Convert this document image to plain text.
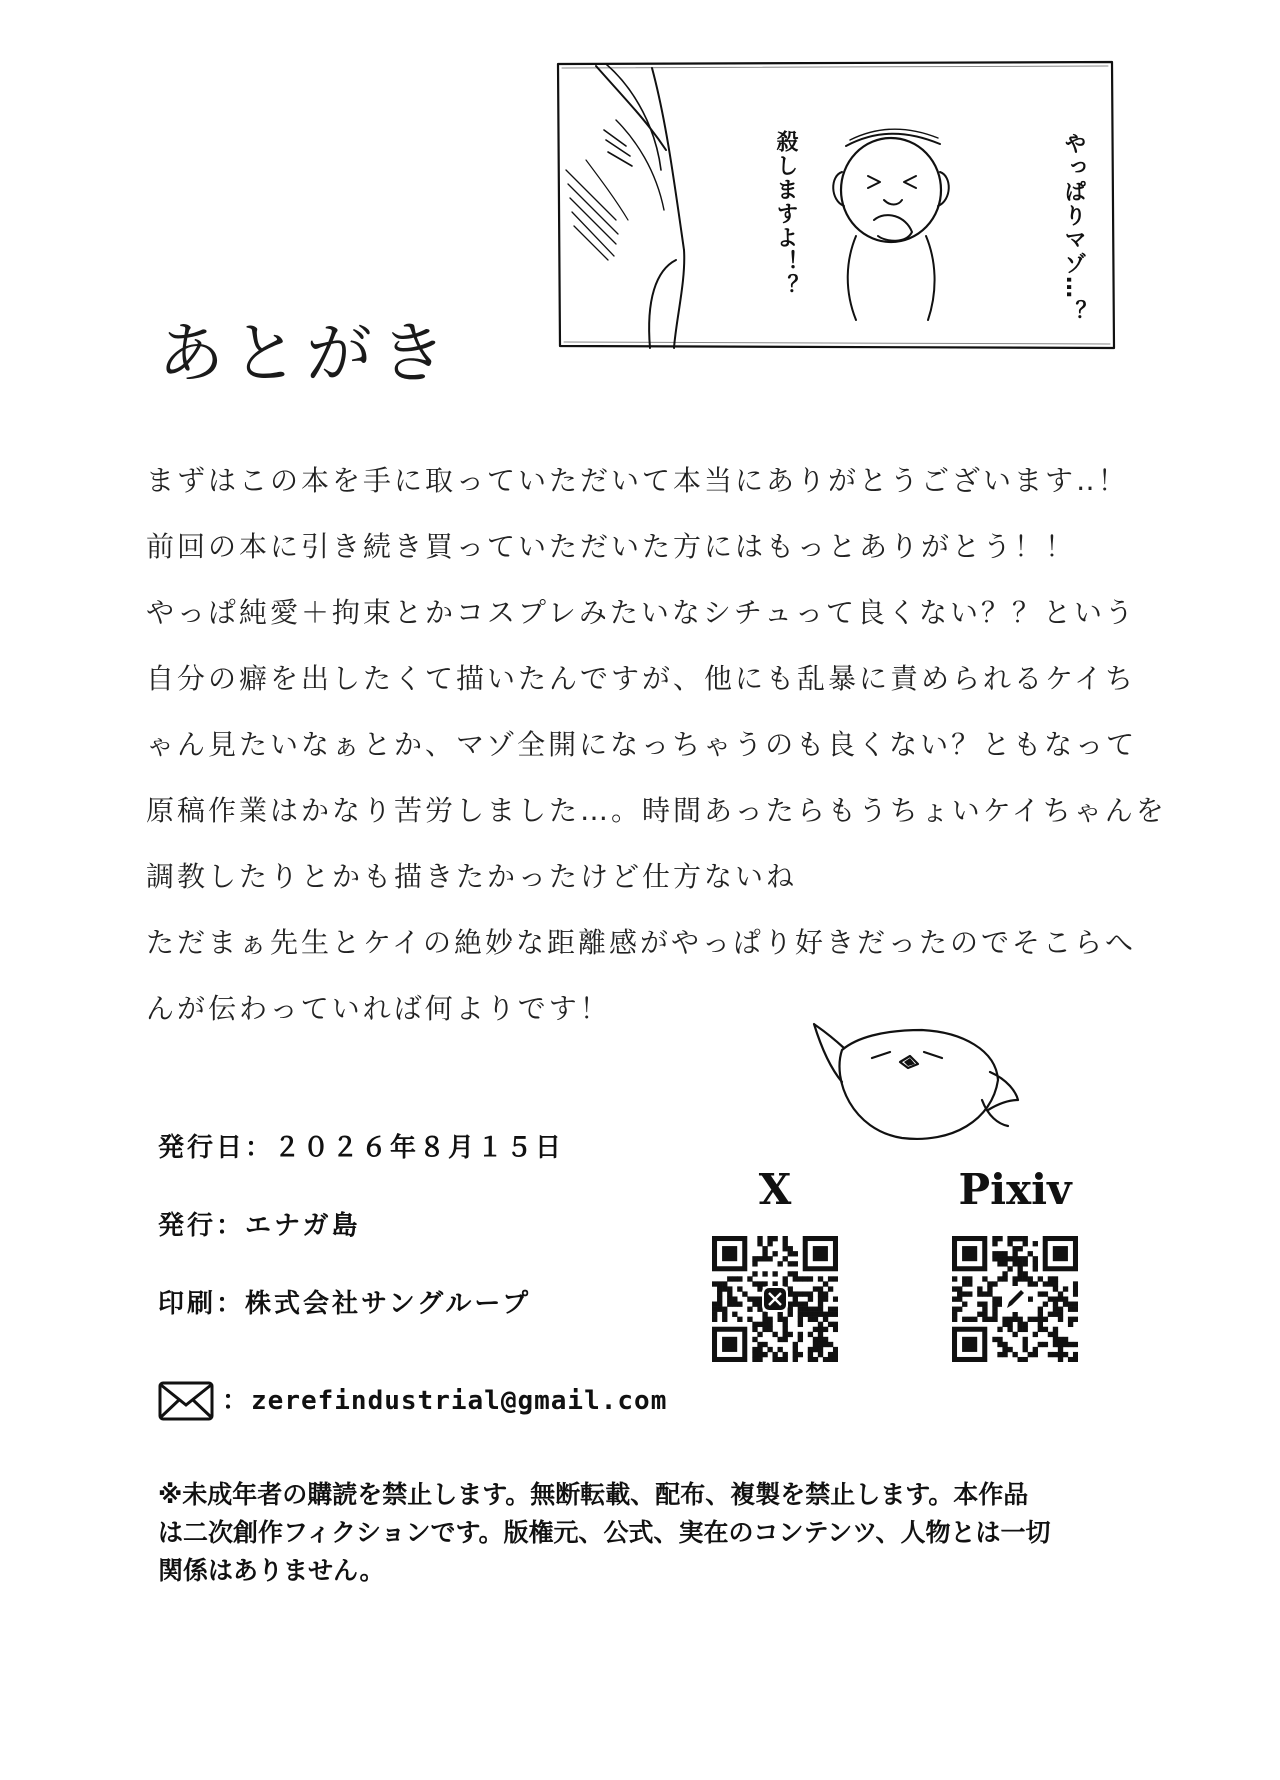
やっぱりマゾ…？
殺しますよ！？
あとがき
まずはこの本を手に取っていただいて本当にありがとうございます‥！
前回の本に引き続き買っていただいた方にはもっとありがとう！！
やっぱ純愛＋拘束とかコスプレみたいなシチュって良くない？？という
自分の癖を出したくて描いたんですが、他にも乱暴に責められるケイち
ゃん見たいなぁとか、マゾ全開になっちゃうのも良くない？ともなって
原稿作業はかなり苦労しました…。時間あったらもうちょいケイちゃんを
調教したりとかも描きたかったけど仕方ないね
ただまぁ先生とケイの絶妙な距離感がやっぱり好きだったのでそこらへ
んが伝わっていれば何よりです！
発行日：２０２６年８月１５日
発行：エナガ島
印刷：株式会社サングループ
： zerefindustrial@gmail.com
X	Pixiv
※未成年者の購読を禁止します。無断転載、配布、複製を禁止します。本作品
は二次創作フィクションです。版権元、公式、実在のコンテンツ、人物とは一切
関係はありません。
